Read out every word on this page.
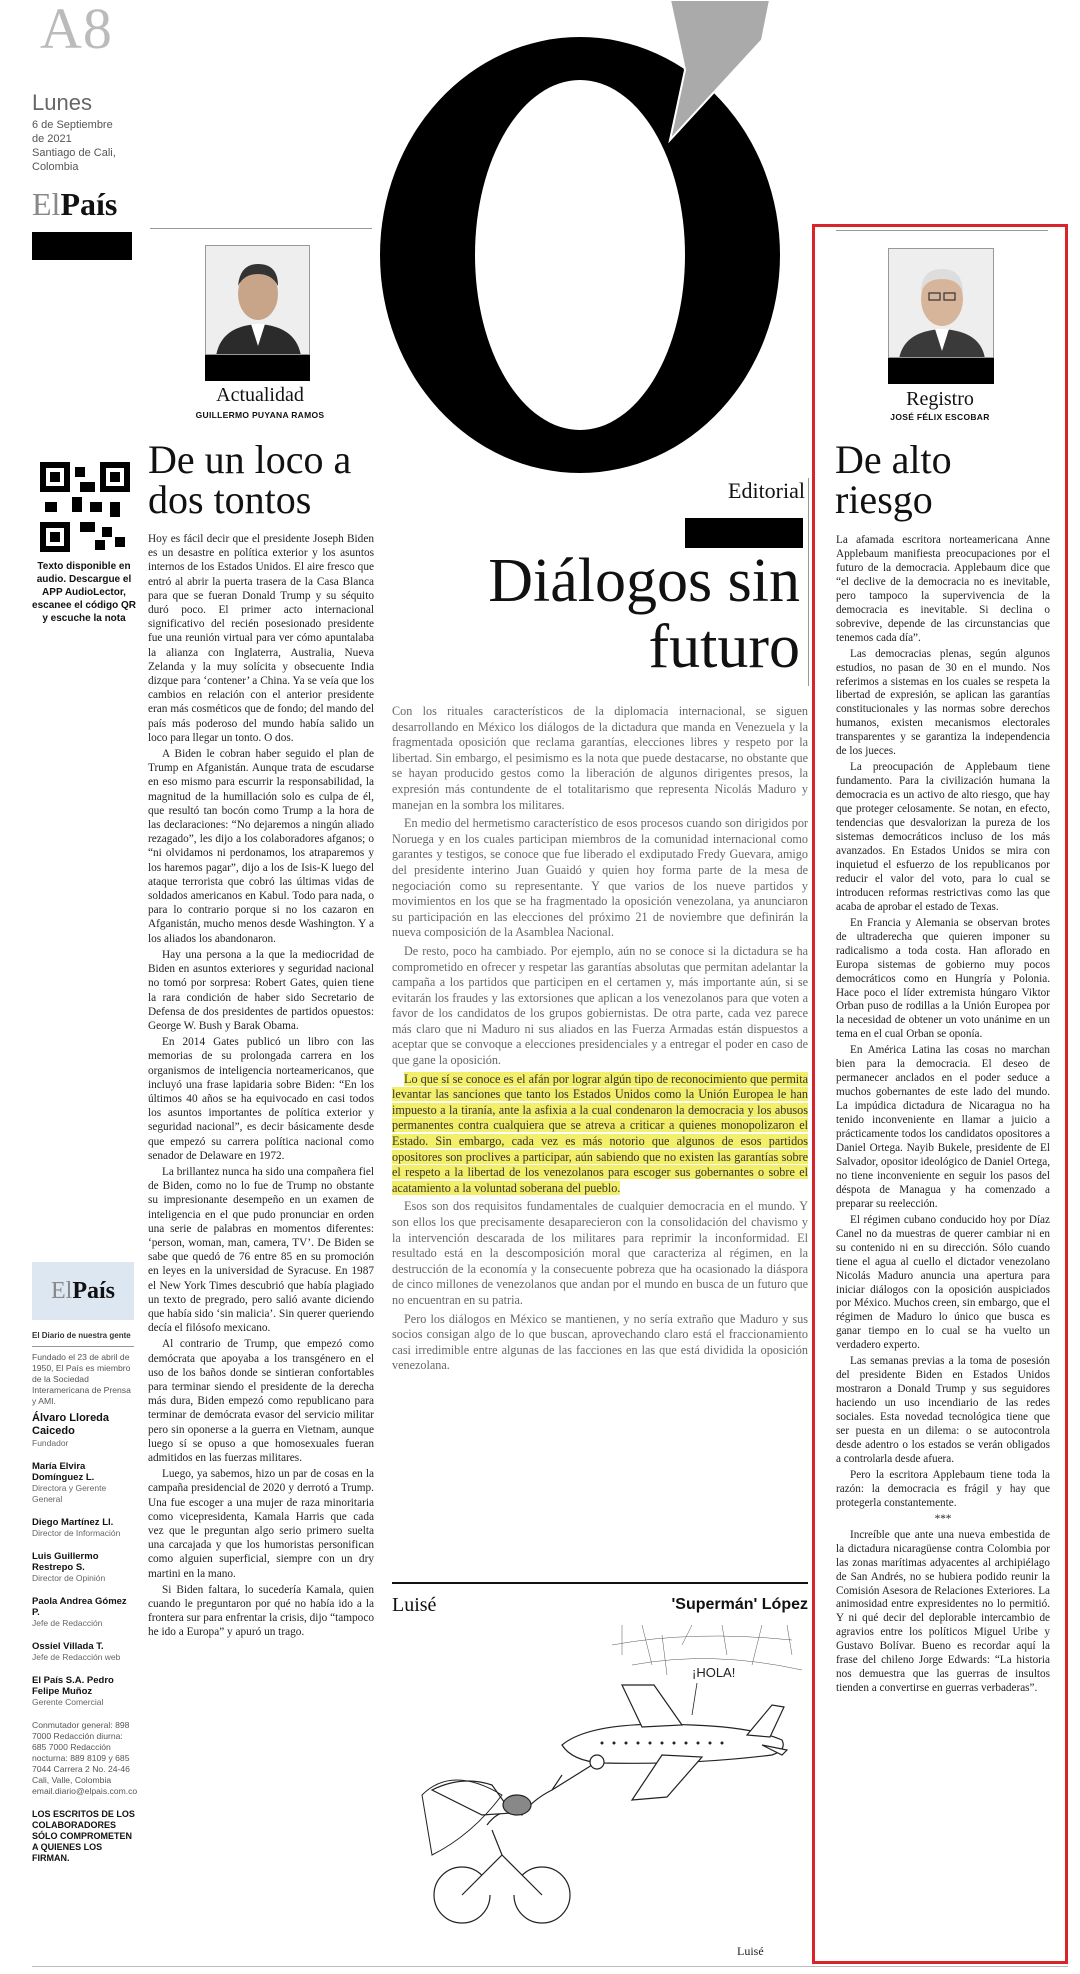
A8
Lunes
6 de Septiembre
de 2021
Santiago de Cali,
Colombia
ElPaís
Texto disponible en audio. Descargue el APP AudioLector, escanee el código QR y escuche la nota
ElPaís
El Diario de nuestra gente
Fundado el 23 de abril de 1950, El País es miembro de la Sociedad Interamericana de Prensa y AMI.
Álvaro Lloreda Caicedo
Fundador
María Elvira Domínguez L.
Directora y Gerente General
Diego Martínez Ll.
Director de Información
Luis Guillermo Restrepo S.
Director de Opinión
Paola Andrea Gómez P.
Jefe de Redacción
Ossiel Villada T.
Jefe de Redacción web
El País S.A. Pedro Felipe Muñoz
Gerente Comercial
Conmutador general: 898 7000 Redacción diurna: 685 7000 Redacción nocturna: 889 8109 y 685 7044 Carrera 2 No. 24-46 Cali, Valle, Colombia email.diario@elpais.com.co
LOS ESCRITOS DE LOS COLABORADORES SÓLO COMPROMETEN A QUIENES LOS FIRMAN.
Actualidad
GUILLERMO PUYANA RAMOS
De un loco a dos tontos

Hoy es fácil decir que el presidente Joseph Biden es un desastre en política exterior y los asuntos internos de los Estados Unidos. El aire fresco que entró al abrir la puerta trasera de la Casa Blanca para que se fueran Donald Trump y su séquito duró poco. El primer acto internacional significativo del recién posesionado presidente fue una reunión virtual para ver cómo apuntalaba la alianza con Inglaterra, Australia, Nueva Zelanda y la muy solícita y obsecuente India dizque para ‘contener’ a China. Ya se veía que los cambios en relación con el anterior presidente eran más cosméticos que de fondo; del mando del país más poderoso del mundo había salido un loco para llegar un tonto. O dos.

A Biden le cobran haber seguido el plan de Trump en Afganistán. Aunque trata de escudarse en eso mismo para escurrir la responsabilidad, la magnitud de la humillación solo es culpa de él, que resultó tan bocón como Trump a la hora de las declaraciones: “No dejaremos a ningún aliado rezagado”, les dijo a los colaboradores afganos; o “ni olvidamos ni perdonamos, los atraparemos y los haremos pagar”, dijo a los de Isis-K luego del ataque terrorista que cobró las últimas vidas de soldados americanos en Kabul. Todo para nada, o para lo contrario porque si no los cazaron en Afganistán, mucho menos desde Washington. Y a los aliados los abandonaron.

Hay una persona a la que la mediocridad de Biden en asuntos exteriores y seguridad nacional no tomó por sorpresa: Robert Gates, quien tiene la rara condición de haber sido Secretario de Defensa de dos presidentes de partidos opuestos: George W. Bush y Barak Obama.

En 2014 Gates publicó un libro con las memorias de su prolongada carrera en los organismos de inteligencia norteamericanos, que incluyó una frase lapidaria sobre Biden: “En los últimos 40 años se ha equivocado en casi todos los asuntos importantes de política exterior y seguridad nacional”, es decir básicamente desde que empezó su carrera política nacional como senador de Delaware en 1972.

La brillantez nunca ha sido una compañera fiel de Biden, como no lo fue de Trump no obstante su impresionante desempeño en un examen de inteligencia en el que pudo pronunciar en orden una serie de palabras en momentos diferentes: ‘person, woman, man, camera, TV’. De Biden se sabe que quedó de 76 entre 85 en su promoción en leyes en la universidad de Syracuse. En 1987 el New York Times descubrió que había plagiado un texto de pregrado, pero salió avante diciendo que había sido ‘sin malicia’. Sin querer queriendo decía el filósofo mexicano.

Al contrario de Trump, que empezó como demócrata que apoyaba a los transgénero en el uso de los baños donde se sintieran confortables para terminar siendo el presidente de la derecha más dura, Biden empezó como republicano para terminar de demócrata evasor del servicio militar pero sin oponerse a la guerra en Vietnam, aunque luego sí se opuso a que homosexuales fueran admitidos en las fuerzas militares.

Luego, ya sabemos, hizo un par de cosas en la campaña presidencial de 2020 y derrotó a Trump. Una fue escoger a una mujer de raza minoritaria como vicepresidenta, Kamala Harris que cada vez que le preguntan algo serio primero suelta una carcajada y que los humoristas personifican como alguien superficial, siempre con un dry martini en la mano.

Si Biden faltara, lo sucedería Kamala, quien cuando le preguntaron por qué no había ido a la frontera sur para enfrentar la crisis, dijo “tampoco he ido a Europa” y apuró un trago.

Editorial
Diálogos sin
futuro

Con los rituales característicos de la diplomacia internacional, se siguen desarrollando en México los diálogos de la dictadura que manda en Venezuela y la fragmentada oposición que reclama garantías, elecciones libres y respeto por la libertad. Sin embargo, el pesimismo es la nota que puede destacarse, no obstante que se hayan producido gestos como la liberación de algunos dirigentes presos, la expresión más contundente de el totalitarismo que representa Nicolás Maduro y manejan en la sombra los militares.

En medio del hermetismo característico de esos procesos cuando son dirigidos por Noruega y en los cuales participan miembros de la comunidad internacional como garantes y testigos, se conoce que fue liberado el exdiputado Fredy Guevara, amigo del presidente interino Juan Guaidó y quien hoy forma parte de la mesa de negociación como su representante. Y que varios de los nueve partidos y movimientos en los que se ha fragmentado la oposición venezolana, ya anunciaron su participación en las elecciones del próximo 21 de noviembre que definirán la nueva composición de la Asamblea Nacional.

De resto, poco ha cambiado. Por ejemplo, aún no se conoce si la dictadura se ha comprometido en ofrecer y respetar las garantías absolutas que permitan adelantar la campaña a los partidos que participen en el certamen y, más importante aún, si se evitarán los fraudes y las extorsiones que aplican a los venezolanos para que voten a favor de los candidatos de los grupos gobiernistas. De otra parte, cada vez parece más claro que ni Maduro ni sus aliados en las Fuerza Armadas están dispuestos a aceptar que se convoque a elecciones presidenciales y a entregar el poder en caso de que gane la oposición.

Lo que sí se conoce es el afán por lograr algún tipo de reconocimiento que permita levantar las sanciones que tanto los Estados Unidos como la Unión Europea le han impuesto a la tiranía, ante la asfixia a la cual condenaron la democracia y los abusos permanentes contra cualquiera que se atreva a criticar a quienes monopolizaron el Estado. Sin embargo, cada vez es más notorio que algunos de esos partidos opositores son proclives a participar, aún sabiendo que no existen las garantías sobre el respeto a la libertad de los venezolanos para escoger sus gobernantes o sobre el acatamiento a la voluntad soberana del pueblo.

Esos son dos requisitos fundamentales de cualquier democracia en el mundo. Y son ellos los que precisamente desaparecieron con la consolidación del chavismo y la intervención descarada de los militares para reprimir la inconformidad. El resultado está en la descomposición moral que caracteriza al régimen, en la destrucción de la economía y la consecuente pobreza que ha ocasionado la diáspora de cinco millones de venezolanos que andan por el mundo en busca de un futuro que no encuentran en su patria.

Pero los diálogos en México se mantienen, y no sería extraño que Maduro y sus socios consigan algo de lo que buscan, aprovechando claro está el fraccionamiento casi irredimible entre algunas de las facciones en las que está dividida la oposición venezolana.

Luisé	'Supermán' López
¡HOLA!
Luisé
Registro
JOSÉ FÉLIX ESCOBAR
De alto
riesgo

La afamada escritora norteamericana Anne Applebaum manifiesta preocupaciones por el futuro de la democracia. Applebaum dice que “el declive de la democracia no es inevitable, pero tampoco la supervivencia de la democracia es inevitable. Si declina o sobrevive, depende de las circunstancias que tenemos cada día”.

Las democracias plenas, según algunos estudios, no pasan de 30 en el mundo. Nos referimos a sistemas en los cuales se respeta la libertad de expresión, se aplican las garantías constitucionales y las normas sobre derechos humanos, existen mecanismos electorales transparentes y se garantiza la independencia de los jueces.

La preocupación de Applebaum tiene fundamento. Para la civilización humana la democracia es un activo de alto riesgo, que hay que proteger celosamente. Se notan, en efecto, tendencias que desvalorizan la pureza de los sistemas democráticos incluso de los más avanzados. En Estados Unidos se mira con inquietud el esfuerzo de los republicanos por reducir el valor del voto, para lo cual se introducen reformas restrictivas como las que acaba de aprobar el estado de Texas.

En Francia y Alemania se observan brotes de ultraderecha que quieren imponer su radicalismo a toda costa. Han aflorado en Europa sistemas de gobierno muy pocos democráticos como en Hungría y Polonia. Hace poco el líder extremista húngaro Viktor Orban puso de rodillas a la Unión Europea por la necesidad de obtener un voto unánime en un tema en el cual Orban se oponía.

En América Latina las cosas no marchan bien para la democracia. El deseo de permanecer anclados en el poder seduce a muchos gobernantes de este lado del mundo. La impúdica dictadura de Nicaragua no ha tenido inconveniente en llamar a juicio a prácticamente todos los candidatos opositores a Daniel Ortega. Nayib Bukele, presidente de El Salvador, opositor ideológico de Daniel Ortega, no tiene inconveniente en seguir los pasos del déspota de Managua y ha comenzado a preparar su reelección.

El régimen cubano conducido hoy por Díaz Canel no da muestras de querer cambiar ni en su contenido ni en su dirección. Sólo cuando tiene el agua al cuello el dictador venezolano Nicolás Maduro anuncia una apertura para iniciar diálogos con la oposición auspiciados por México. Muchos creen, sin embargo, que el régimen de Maduro lo único que busca es ganar tiempo en lo cual se ha vuelto un verdadero experto.

Las semanas previas a la toma de posesión del presidente Biden en Estados Unidos mostraron a Donald Trump y sus seguidores haciendo un uso incendiario de las redes sociales. Esta novedad tecnológica tiene que ser puesta en un dilema: o se autocontrola desde adentro o los estados se verán obligados a controlarla desde afuera.

Pero la escritora Applebaum tiene toda la razón: la democracia es frágil y hay que protegerla constantemente.

***

Increíble que ante una nueva embestida de la dictadura nicaragüense contra Colombia por las zonas marítimas adyacentes al archipiélago de San Andrés, no se hubiera podido reunir la Comisión Asesora de Relaciones Exteriores. La animosidad entre expresidentes no lo permitió. Y ni qué decir del deplorable intercambio de agravios entre los políticos Miguel Uribe y Gustavo Bolívar. Bueno es recordar aquí la frase del chileno Jorge Edwards: “La historia nos demuestra que las guerras de insultos tienden a convertirse en guerras verbaderas”.
